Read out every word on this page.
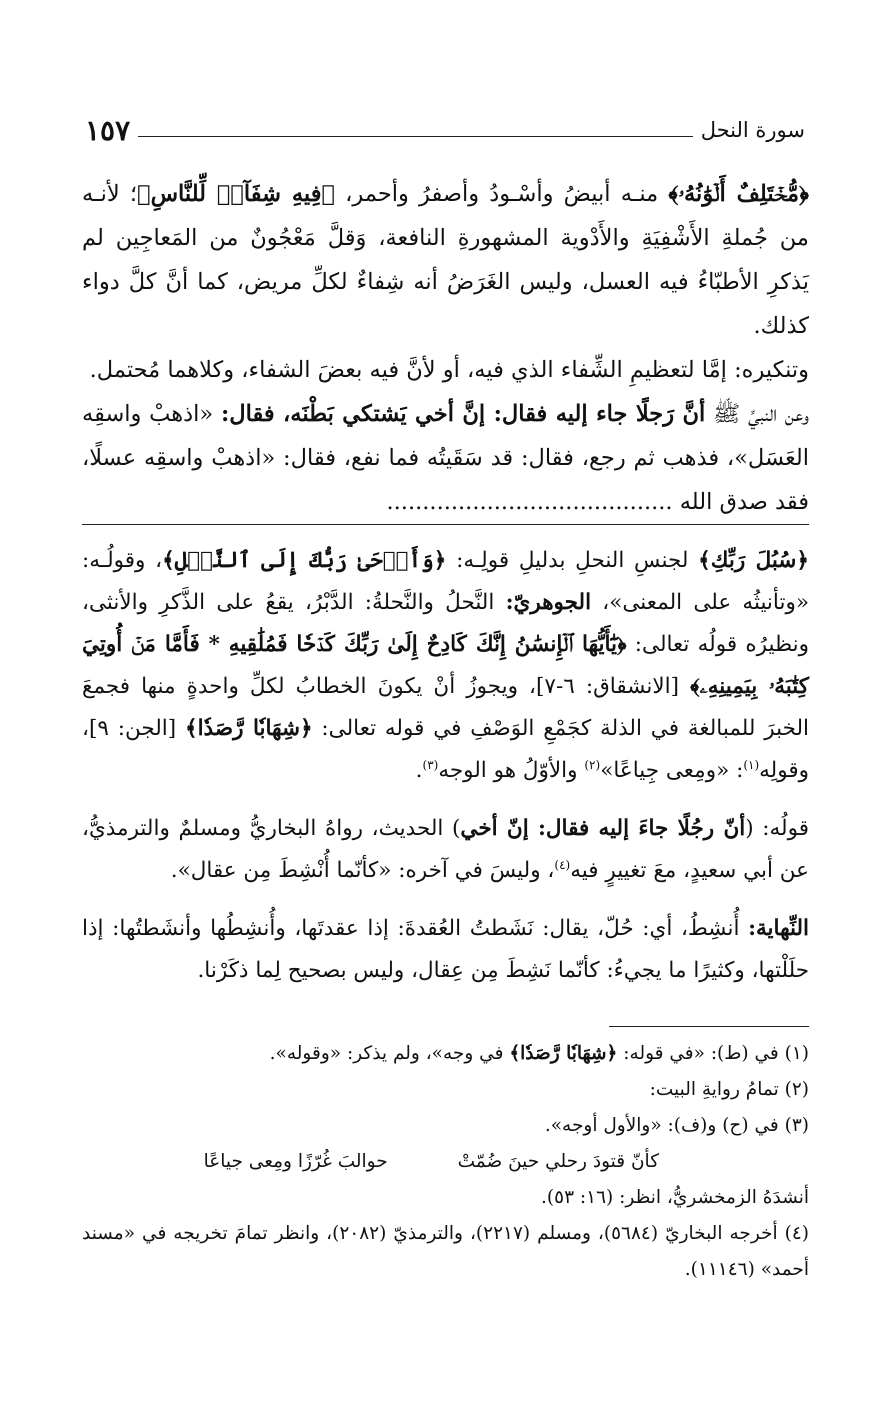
سورة النحل
١٥٧

﴿مُّخۡتَلِفٌ أَلۡوَٰنُهُۥ﴾ منـه أبيضُ وأسْـودُ وأصفرُ وأحمر، ﴿فِيهِ شِفَآءٞ لِّلنَّاسِ﴾؛ لأنـه من جُملةِ الأَشْفِيَةِ والأَدْوية المشهورةِ النافعة، وَقلَّ مَعْجُونٌ من المَعاجِين لم يَذكرِ الأطبّاءُ فيه العسل، وليس الغَرَضُ أنه شِفاءٌ لكلِّ مريض، كما أنَّ كلَّ دواء كذلك.

وتنكيره: إمَّا لتعظيمِ الشِّفاء الذي فيه، أو لأنَّ فيه بعضَ الشفاء، وكلاهما مُحتمل.

وعن النبيِّ ﷺ أنَّ رَجلًا جاء إليه فقال: إنَّ أخي يَشتكي بَطْنَه، فقال: «اذهبْ واسقِه العَسَل»، فذهب ثم رجع، فقال: قد سَقَيتُه فما نفع، فقال: «اذهبْ واسقِه عسلًا، فقد صدق الله ........................................

﴿سُبُلَ رَبِّكِ﴾ لجنسِ النحلِ بدليلِ قولِـه: ﴿وَأَوۡحَىٰ رَبُّكَ إِلَى ٱلنَّحۡلِ﴾، وقولُـه: «وتأنيثُه على المعنى»، الجوهريّ: النَّحلُ والنَّحلةُ: الدَّبْرُ، يقعُ على الذَّكرِ والأنثى، ونظيرُه قولُه تعالى: ﴿يَٰٓأَيُّهَا ٱلۡإِنسَٰنُ إِنَّكَ كَادِحٌ إِلَىٰ رَبِّكَ كَدۡحٗا فَمُلَٰقِيهِ * فَأَمَّا مَنۡ أُوتِيَ كِتَٰبَهُۥ بِيَمِينِهِۦ﴾ [الانشقاق: ٦-٧]، ويجوزُ أنْ يكونَ الخطابُ لكلِّ واحدةٍ منها فجمعَ الخبرَ للمبالغة في الذلة كجَمْعِ الوَصْفِ في قوله تعالى: ﴿شِهَابٗا رَّصَدٗا﴾ [الجن: ٩]، وقولِه$^{(١)}$: «ومِعى جِياعًا»$^{(٢)}$ والأوّلُ هو الوجه$^{(٣)}$.

قولُه: (أنّ رجُلًا جاءَ إليه فقال: إنّ أخي) الحديث، رواهُ البخاريُّ ومسلمٌ والترمذيُّ، عن أبي سعيدٍ، معَ تغييرٍ فيه$^{(٤)}$، وليسَ في آخره: «كأنّما أُنْشِطَ مِن عقال».

النِّهاية: أُنشِطُ، أي: حُلّ، يقال: نَشَطتُ العُقدةَ: إذا عقدتَها، وأُنشِطُها وأنشَطتُها: إذا حلَلْتها، وكثيرًا ما يجيءُ: كأنّما نَشِطَ مِن عِقال، وليس بصحيح لِما ذكَرْنا.

(١) في (ط): «في قوله: ﴿شِهَابٗا رَّصَدٗا﴾ في وجه»، ولم يذكر: «وقوله».

(٢) تمامُ روايةِ البيت:

(٣) في (ح) و(ف): «والأول أوجه».

كأنّ قتودَ رحلي حينَ ضُمّتْ
حوالبَ غُرّزًا ومِعى جياعًا

أنشدَهُ الزمخشريُّ، انظر: (١٦: ٥٣).

(٤) أخرجه البخاريّ (٥٦٨٤)، ومسلم (٢٢١٧)، والترمذيّ (٢٠٨٢)، وانظر تمامَ تخريجه في «مسند أحمد» (١١١٤٦).
